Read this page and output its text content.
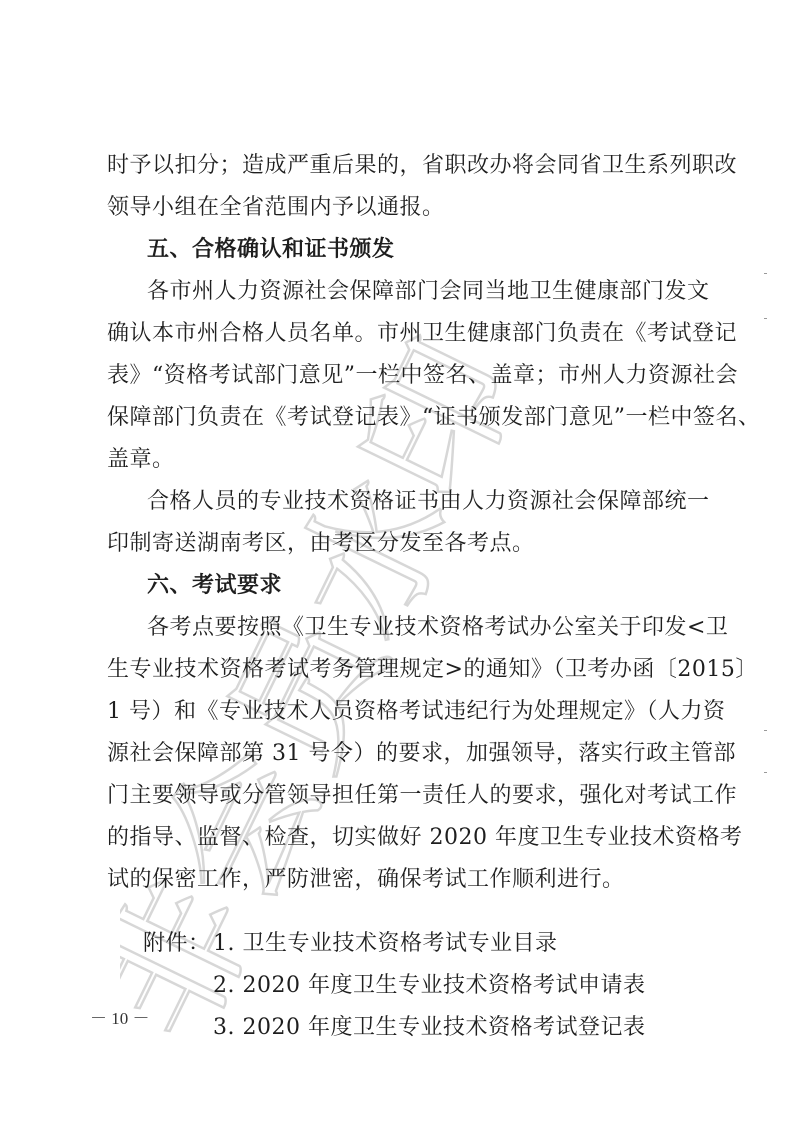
非会员水印
时予以扣分；造成严重后果的，省职改办将会同省卫生系列职改
领导小组在全省范围内予以通报。
五、合格确认和证书颁发
各市州人力资源社会保障部门会同当地卫生健康部门发文
确认本市州合格人员名单。市州卫生健康部门负责在《考试登记
表》“资格考试部门意见”一栏中签名、盖章；市州人力资源社会
保障部门负责在《考试登记表》“证书颁发部门意见”一栏中签名、
盖章。
合格人员的专业技术资格证书由人力资源社会保障部统一
印制寄送湖南考区，由考区分发至各考点。
六、考试要求
各考点要按照《卫生专业技术资格考试办公室关于印发<卫
生专业技术资格考试考务管理规定>的通知》（卫考办函〔2015〕
1 号）和《专业技术人员资格考试违纪行为处理规定》（人力资
源社会保障部第 31 号令）的要求，加强领导，落实行政主管部
门主要领导或分管领导担任第一责任人的要求，强化对考试工作
的指导、监督、检查，切实做好 2020 年度卫生专业技术资格考
试的保密工作，严防泄密，确保考试工作顺利进行。
附件： 1. 卫生专业技术资格考试专业目录
2. 2020 年度卫生专业技术资格考试申请表
3. 2020 年度卫生专业技术资格考试登记表
－ 10 －
